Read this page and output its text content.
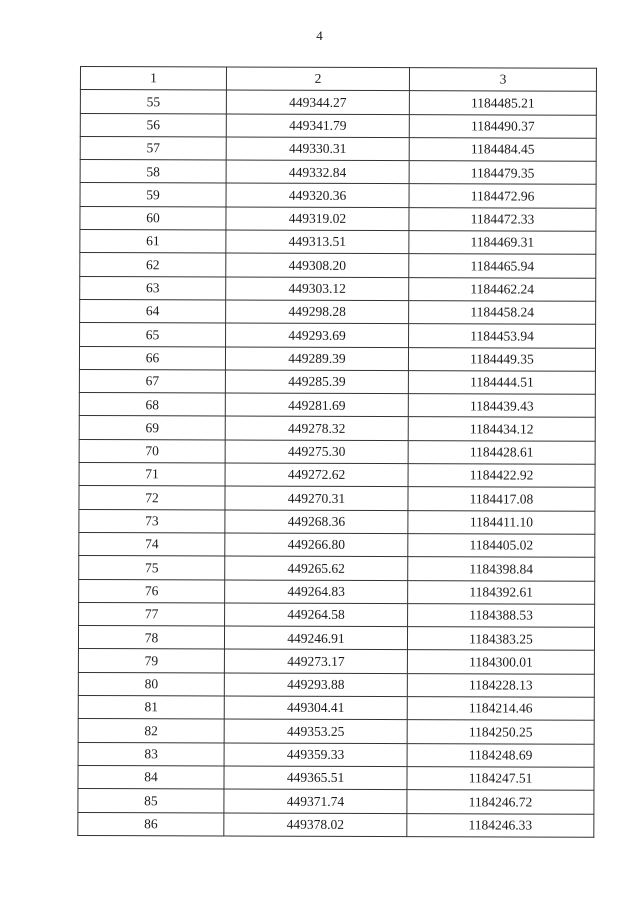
4
1	2	3
55	449344.27	1184485.21
56	449341.79	1184490.37
57	449330.31	1184484.45
58	449332.84	1184479.35
59	449320.36	1184472.96
60	449319.02	1184472.33
61	449313.51	1184469.31
62	449308.20	1184465.94
63	449303.12	1184462.24
64	449298.28	1184458.24
65	449293.69	1184453.94
66	449289.39	1184449.35
67	449285.39	1184444.51
68	449281.69	1184439.43
69	449278.32	1184434.12
70	449275.30	1184428.61
71	449272.62	1184422.92
72	449270.31	1184417.08
73	449268.36	1184411.10
74	449266.80	1184405.02
75	449265.62	1184398.84
76	449264.83	1184392.61
77	449264.58	1184388.53
78	449246.91	1184383.25
79	449273.17	1184300.01
80	449293.88	1184228.13
81	449304.41	1184214.46
82	449353.25	1184250.25
83	449359.33	1184248.69
84	449365.51	1184247.51
85	449371.74	1184246.72
86	449378.02	1184246.33
